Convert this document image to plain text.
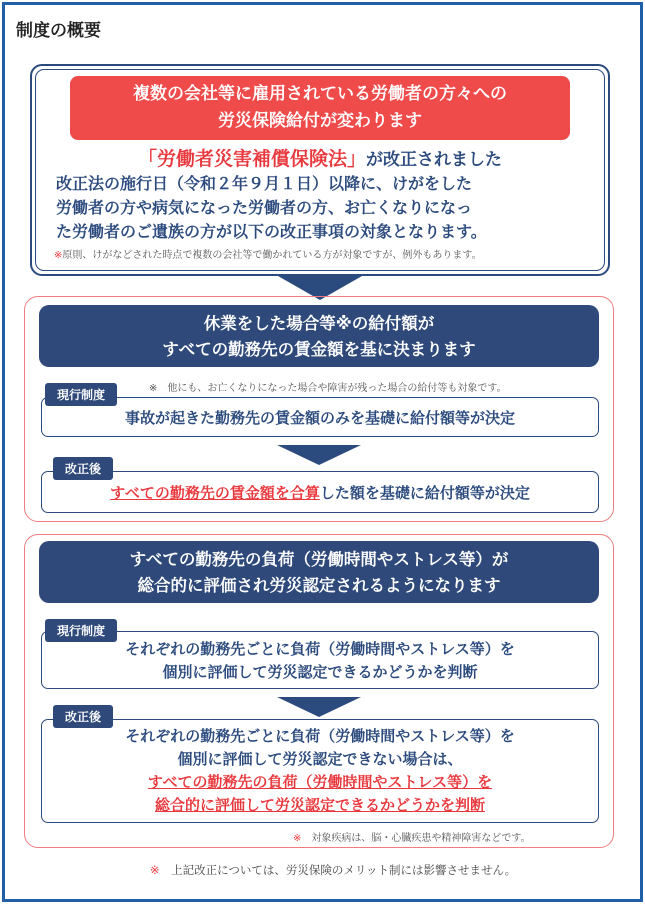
制度の概要
複数の会社等に雇用されている労働者の方々への
労災保険給付が変わります
「労働者災害補償保険法」が改正されました
改正法の施行日（令和２年９月１日）以降に、けがをした
労働者の方や病気になった労働者の方、お亡くなりになっ
た労働者のご遺族の方が以下の改正事項の対象となります。
※原則、けがなどされた時点で複数の会社等で働かれている方が対象ですが、例外もあります。
休業をした場合等※の給付額が
すべての勤務先の賃金額を基に決まります
※　他にも、お亡くなりになった場合や障害が残った場合の給付等も対象です。
現行制度
事故が起きた勤務先の賃金額のみを基礎に給付額等が決定
改正後
すべての勤務先の賃金額を合算した額を基礎に給付額等が決定
すべての勤務先の負荷（労働時間やストレス等）が
総合的に評価され労災認定されるようになります
現行制度
それぞれの勤務先ごとに負荷（労働時間やストレス等）を
個別に評価して労災認定できるかどうかを判断
改正後
それぞれの勤務先ごとに負荷（労働時間やストレス等）を
個別に評価して労災認定できない場合は、
すべての勤務先の負荷（労働時間やストレス等）を
総合的に評価して労災認定できるかどうかを判断
※　 対象疾病は、脳・心臓疾患や精神障害などです。
※　 上記改正については、労災保険のメリット制には影響させません。
